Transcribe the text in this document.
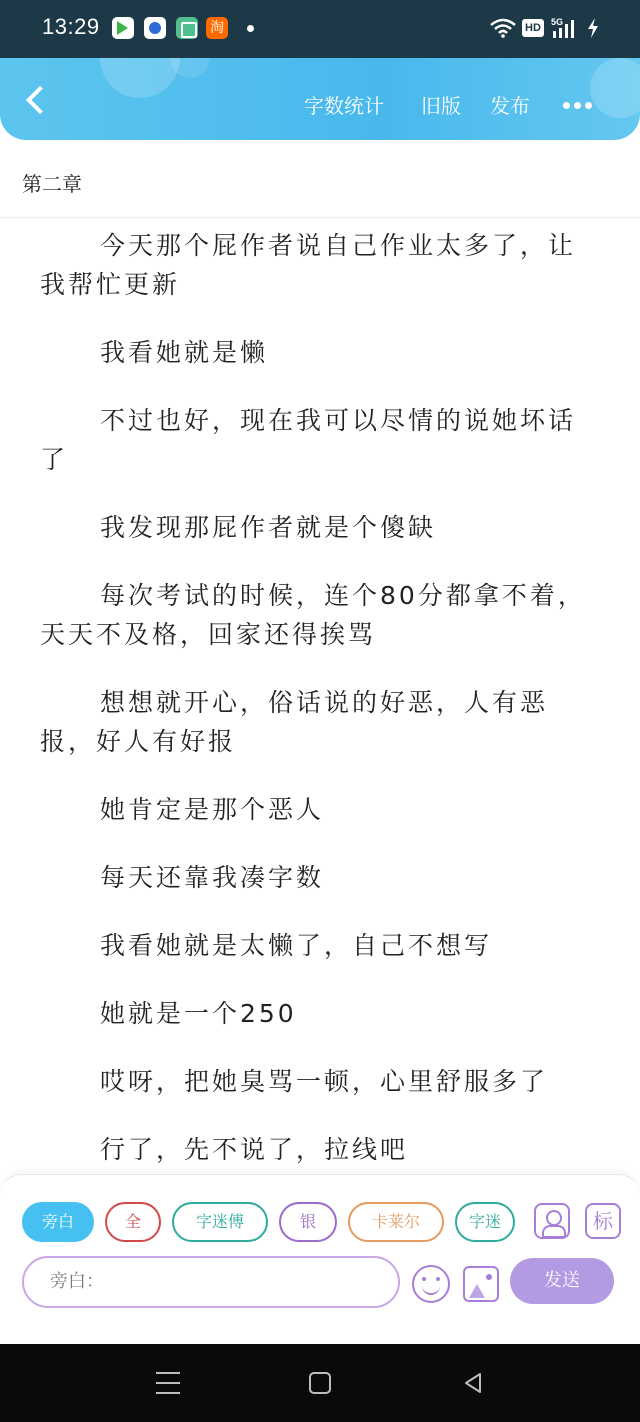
13:29	淘	HD	5G
字数统计 旧版 发布
第二章

今天那个屁作者说自己作业太多了，让我帮忙更新

我看她就是懒

不过也好，现在我可以尽情的说她坏话了

我发现那屁作者就是个傻缺

每次考试的时候，连个80分都拿不着，天天不及格，回家还得挨骂

想想就开心，俗话说的好恶，人有恶报，好人有好报

她肯定是那个恶人

每天还靠我凑字数

我看她就是太懒了，自己不想写

她就是一个250

哎呀，把她臭骂一顿，心里舒服多了

行了，先不说了，拉线吧

旁白	全	字迷傅	银	卡莱尔	字迷	标
旁白：	发送
